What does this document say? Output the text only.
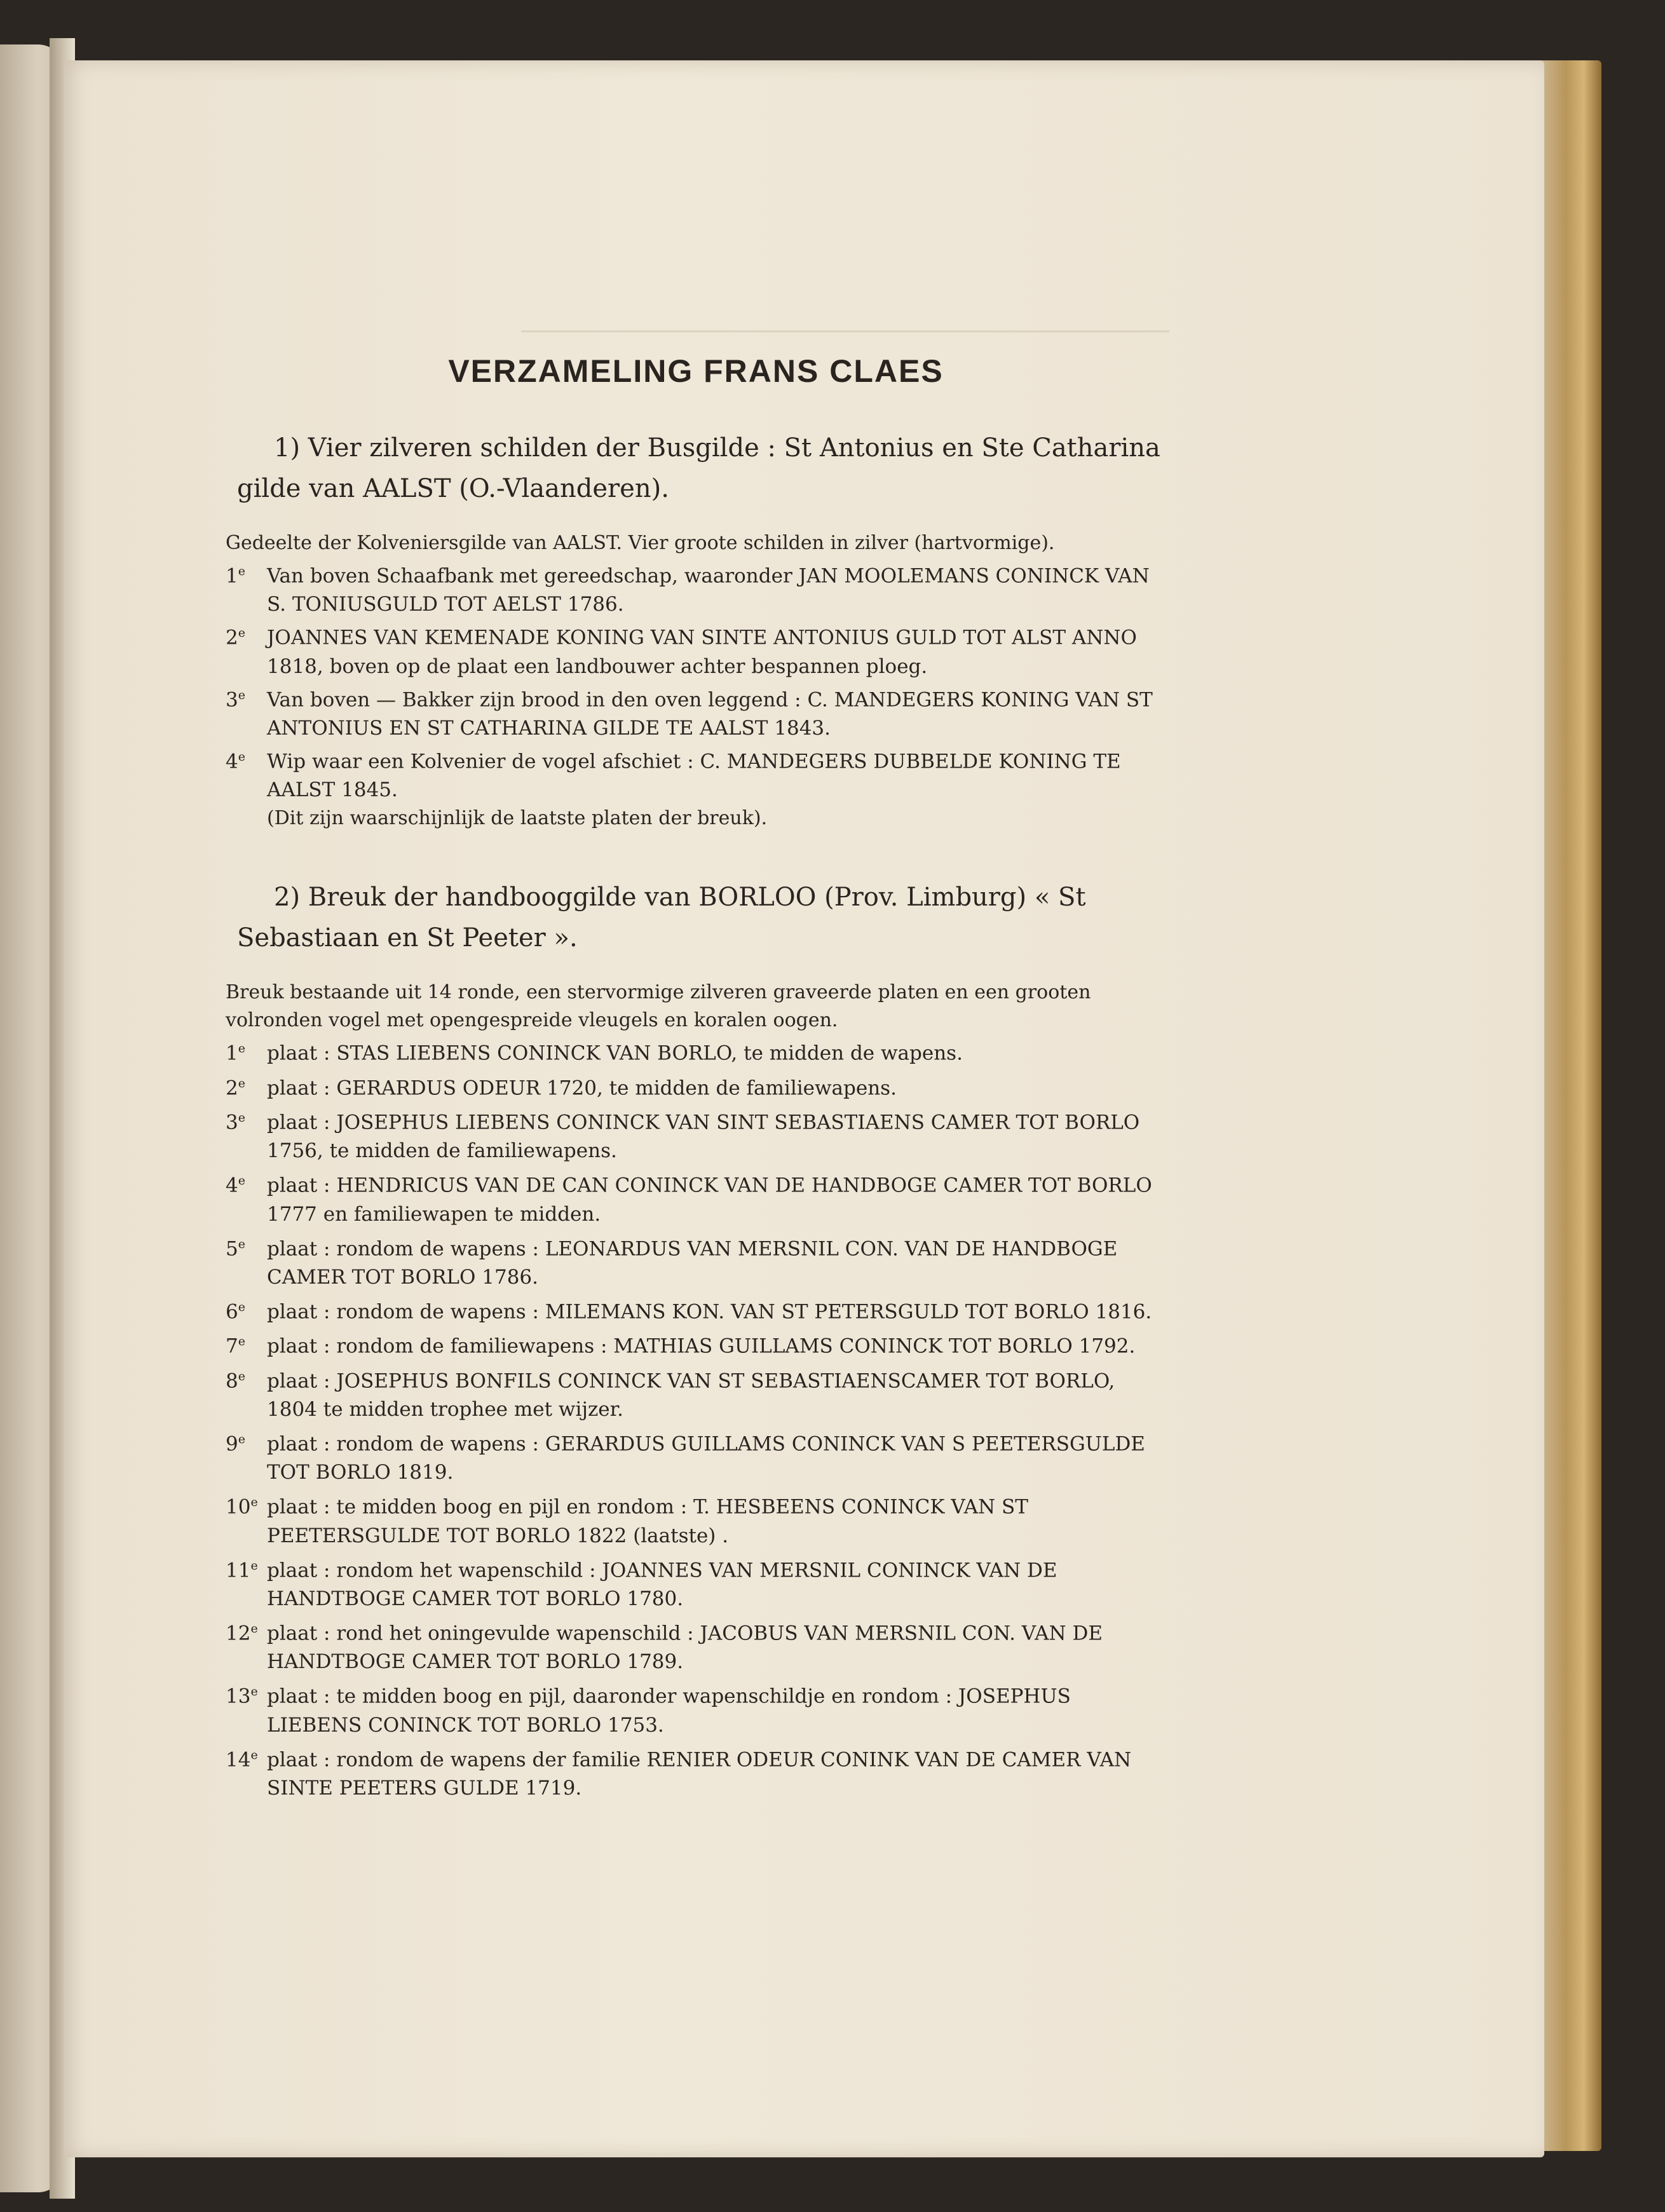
VERZAMELING FRANS CLAES

1) Vier zilveren schilden der Busgilde : St Antonius en Ste Catharina gilde van AALST (O.-Vlaanderen).

Gedeelte der Kolveniersgilde van AALST. Vier groote schilden in zilver (hartvormige).

1e Van boven Schaafbank met gereedschap, waaronder JAN MOOLEMANS CONINCK VAN S. TONIUSGULD TOT AELST 1786.

2e JOANNES VAN KEMENADE KONING VAN SINTE ANTONIUS GULD TOT ALST ANNO 1818, boven op de plaat een landbouwer achter bespannen ploeg.

3e Van boven — Bakker zijn brood in den oven leggend : C. MANDEGERS KONING VAN ST ANTONIUS EN ST CATHARINA GILDE TE AALST 1843.

4e Wip waar een Kolvenier de vogel afschiet : C. MANDEGERS DUBBELDE KONING TE AALST 1845.

(Dit zijn waarschijnlijk de laatste platen der breuk).

2) Breuk der handbooggilde van BORLOO (Prov. Limburg) « St Sebastiaan en St Peeter ».

Breuk bestaande uit 14 ronde, een stervormige zilveren graveerde platen en een grooten volronden vogel met opengespreide vleugels en koralen oogen.

1e plaat : STAS LIEBENS CONINCK VAN BORLO, te midden de wapens.

2e plaat : GERARDUS ODEUR 1720, te midden de familiewapens.

3e plaat : JOSEPHUS LIEBENS CONINCK VAN SINT SEBASTIAENS CAMER TOT BORLO 1756, te midden de familiewapens.

4e plaat : HENDRICUS VAN DE CAN CONINCK VAN DE HANDBOGE CAMER TOT BORLO 1777 en familiewapen te midden.

5e plaat : rondom de wapens : LEONARDUS VAN MERSNIL CON. VAN DE HANDBOGE CAMER TOT BORLO 1786.

6e plaat : rondom de wapens : MILEMANS KON. VAN ST PETERSGULD TOT BORLO 1816.

7e plaat : rondom de familiewapens : MATHIAS GUILLAMS CONINCK TOT BORLO 1792.

8e plaat : JOSEPHUS BONFILS CONINCK VAN ST SEBASTIAENSCAMER TOT BORLO, 1804 te midden trophee met wijzer.

9e plaat : rondom de wapens : GERARDUS GUILLAMS CONINCK VAN S PEETERSGULDE TOT BORLO 1819.

10e plaat : te midden boog en pijl en rondom : T. HESBEENS CONINCK VAN ST PEETERSGULDE TOT BORLO 1822 (laatste) .

11e plaat : rondom het wapenschild : JOANNES VAN MERSNIL CONINCK VAN DE HANDTBOGE CAMER TOT BORLO 1780.

12e plaat : rond het oningevulde wapenschild : JACOBUS VAN MERSNIL CON. VAN DE HANDTBOGE CAMER TOT BORLO 1789.

13e plaat : te midden boog en pijl, daaronder wapenschildje en rondom : JOSEPHUS LIEBENS CONINCK TOT BORLO 1753.

14e plaat : rondom de wapens der familie RENIER ODEUR CONINK VAN DE CAMER VAN SINTE PEETERS GULDE 1719.
